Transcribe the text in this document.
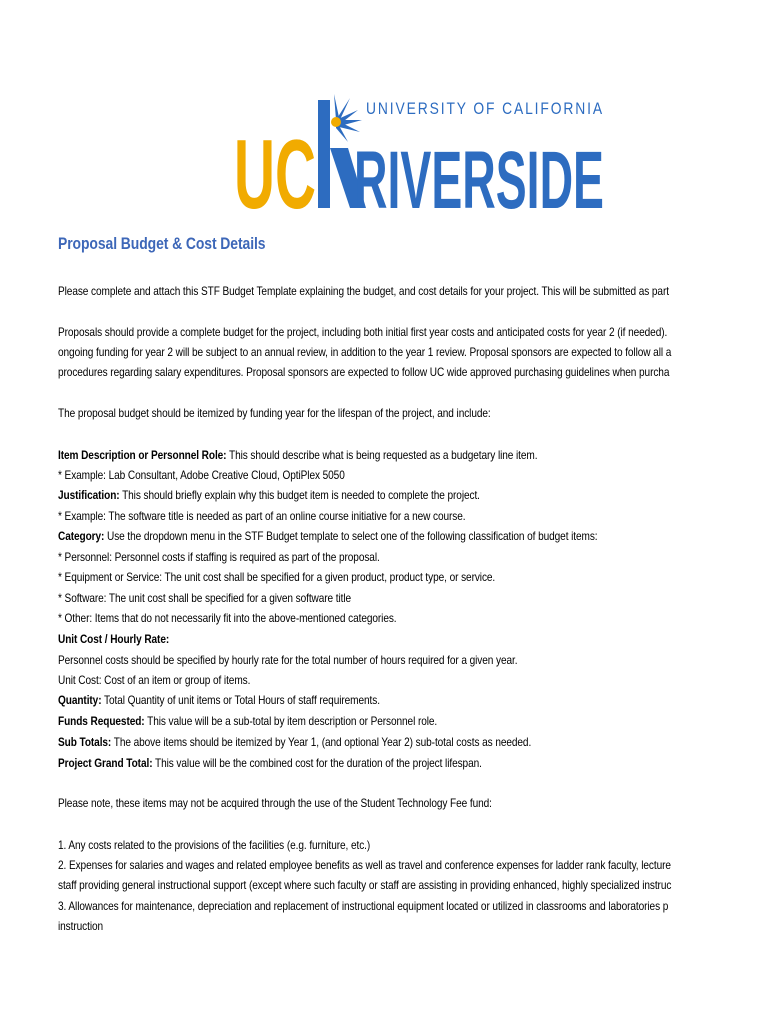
UNIVERSITY OF CALIFORNIA
UC RIVERSIDE
Proposal Budget & Cost Details
Please complete and attach this STF Budget Template explaining the budget, and cost details for your project. This will be submitted as part
Proposals should provide a complete budget for the project, including both initial first year costs and anticipated costs for year 2 (if needed).
ongoing funding for year 2 will be subject to an annual review, in addition to the year 1 review. Proposal sponsors are expected to follow all a
procedures regarding salary expenditures. Proposal sponsors are expected to follow UC wide approved purchasing guidelines when purcha
The proposal budget should be itemized by funding year for the lifespan of the project, and include:
Item Description or Personnel Role: This should describe what is being requested as a budgetary line item.
* Example: Lab Consultant, Adobe Creative Cloud, OptiPlex 5050
Justification: This should briefly explain why this budget item is needed to complete the project.
* Example: The software title is needed as part of an online course initiative for a new course.
Category: Use the dropdown menu in the STF Budget template to select one of the following classification of budget items:
* Personnel: Personnel costs if staffing is required as part of the proposal.
* Equipment or Service: The unit cost shall be specified for a given product, product type, or service.
* Software: The unit cost shall be specified for a given software title
* Other: Items that do not necessarily fit into the above-mentioned categories.
Unit Cost / Hourly Rate:
Personnel costs should be specified by hourly rate for the total number of hours required for a given year.
Unit Cost: Cost of an item or group of items.
Quantity: Total Quantity of unit items or Total Hours of staff requirements.
Funds Requested: This value will be a sub-total by item description or Personnel role.
Sub Totals: The above items should be itemized by Year 1, (and optional Year 2) sub-total costs as needed.
Project Grand Total: This value will be the combined cost for the duration of the project lifespan.
Please note, these items may not be acquired through the use of the Student Technology Fee fund:
1. Any costs related to the provisions of the facilities (e.g. furniture, etc.)
2. Expenses for salaries and wages and related employee benefits as well as travel and conference expenses for ladder rank faculty, lecture
staff providing general instructional support (except where such faculty or staff are assisting in providing enhanced, highly specialized instruc
3. Allowances for maintenance, depreciation and replacement of instructional equipment located or utilized in classrooms and laboratories p
instruction
